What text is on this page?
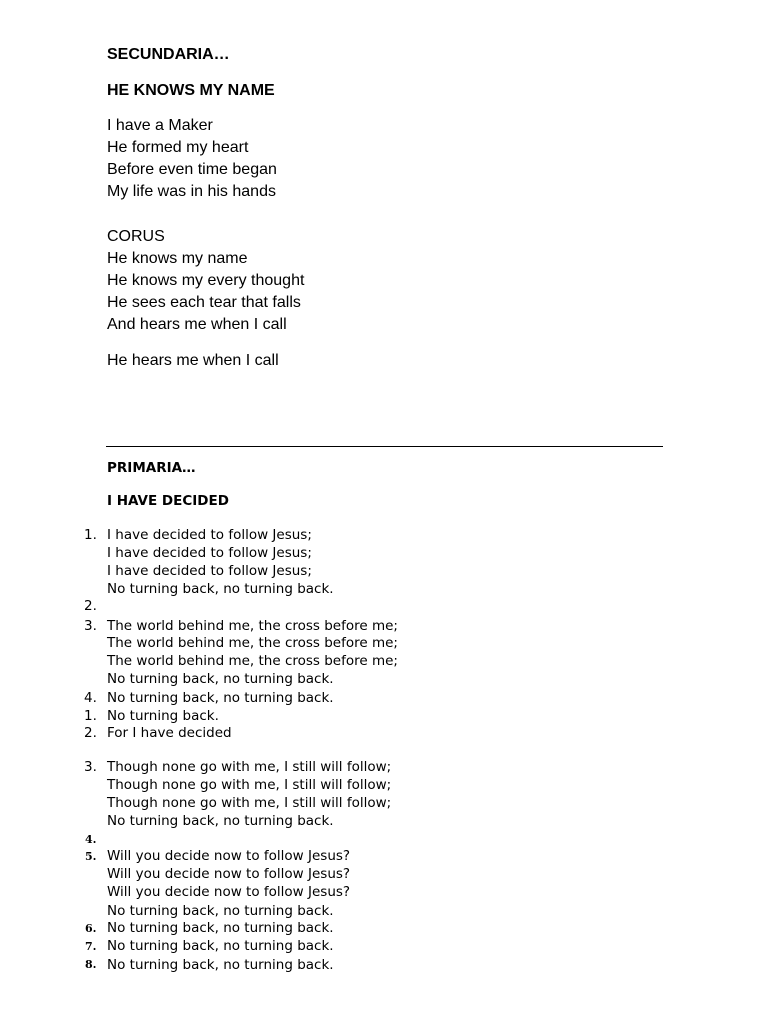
SECUNDARIA…
HE KNOWS MY NAME
I have a Maker
He formed my heart
Before even time began
My life was in his hands
CORUS
He knows my name
He knows my every thought
He sees each tear that falls
And hears me when I call
He hears me when I call
PRIMARIA…
I HAVE DECIDED
1.
2.
3.
4.
1.
2.
3.
4.
5.
6.
7.
8.
I have decided to follow Jesus;
I have decided to follow Jesus;
I have decided to follow Jesus;
No turning back, no turning back.
The world behind me, the cross before me;
The world behind me, the cross before me;
The world behind me, the cross before me;
No turning back, no turning back.
No turning back, no turning back.
No turning back.
For I have decided
Though none go with me, I still will follow;
Though none go with me, I still will follow;
Though none go with me, I still will follow;
No turning back, no turning back.
Will you decide now to follow Jesus?
Will you decide now to follow Jesus?
Will you decide now to follow Jesus?
No turning back, no turning back.
No turning back, no turning back.
No turning back, no turning back.
No turning back, no turning back.
